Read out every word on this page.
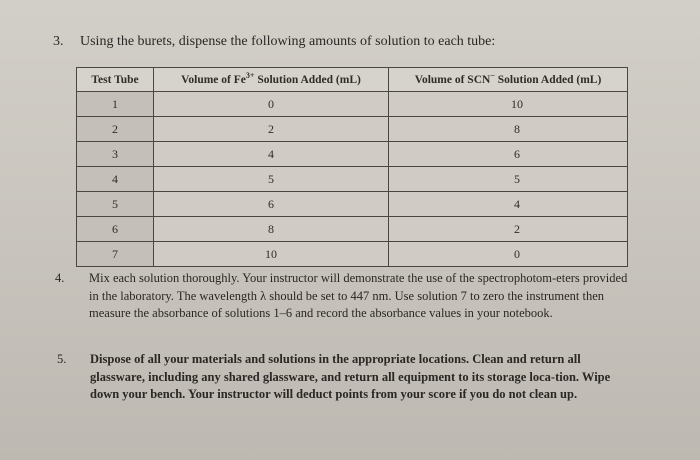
3. Using the burets, dispense the following amounts of solution to each tube:
Test Tube	Volume of $Fe^{3+}$ Solution Added (mL)	Volume of SCN− Solution Added (mL)
1	0	10
2	2	8
3	4	6
4	5	5
5	6	4
6	8	2
7	10	0
4. Mix each solution thoroughly. Your instructor will demonstrate the use of the spectrophotom-eters provided in the laboratory. The wavelength λ should be set to 447 nm. Use solution 7 to zero the instrument then measure the absorbance of solutions 1–6 and record the absorbance values in your notebook.
5. Dispose of all your materials and solutions in the appropriate locations. Clean and return all glassware, including any shared glassware, and return all equipment to its storage loca-tion. Wipe down your bench. Your instructor will deduct points from your score if you do not clean up.
